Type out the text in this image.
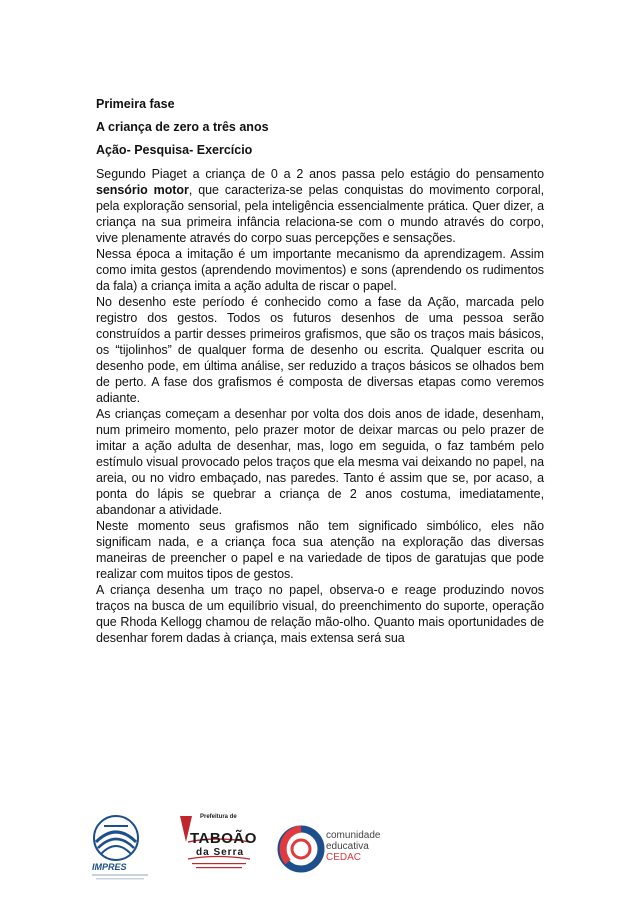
Primeira fase
A criança de zero a três anos
Ação- Pesquisa- Exercício

Segundo Piaget a criança de 0 a 2 anos passa pelo estágio do pensamento sensório motor, que caracteriza-se pelas conquistas do movimento corporal, pela exploração sensorial, pela inteligência essencialmente prática. Quer dizer, a criança na sua primeira infância relaciona-se com o mundo através do corpo, vive plenamente através do corpo suas percepções e sensações.

Nessa época a imitação é um importante mecanismo da aprendizagem. Assim como imita gestos (aprendendo movimentos) e sons (aprendendo os rudimentos da fala) a criança imita a ação adulta de riscar o papel.

No desenho este período é conhecido como a fase da Ação, marcada pelo registro dos gestos. Todos os futuros desenhos de uma pessoa serão construídos a partir desses primeiros grafismos, que são os traços mais básicos, os “tijolinhos” de qualquer forma de desenho ou escrita. Qualquer escrita ou desenho pode, em última análise, ser reduzido a traços básicos se olhados bem de perto. A fase dos grafismos é composta de diversas etapas como veremos adiante.

As crianças começam a desenhar por volta dos dois anos de idade, desenham, num primeiro momento, pelo prazer motor de deixar marcas ou pelo prazer de imitar a ação adulta de desenhar, mas, logo em seguida, o faz também pelo estímulo visual provocado pelos traços que ela mesma vai deixando no papel, na areia, ou no vidro embaçado, nas paredes. Tanto é assim que se, por acaso, a ponta do lápis se quebrar a criança de 2 anos costuma, imediatamente, abandonar a atividade.

Neste momento seus grafismos não tem significado simbólico, eles não significam nada, e a criança foca sua atenção na exploração das diversas maneiras de preencher o papel e na variedade de tipos de garatujas que pode realizar com muitos tipos de gestos.

A criança desenha um traço no papel, observa-o e reage produzindo novos traços na busca de um equilíbrio visual, do preenchimento do suporte, operação que Rhoda Kellogg chamou de relação mão-olho. Quanto mais oportunidades de desenhar forem dadas à criança, mais extensa será sua

IMPRES
Prefeitura de
TABOÃO
da Serra
comunidade
educativa
CEDAC
